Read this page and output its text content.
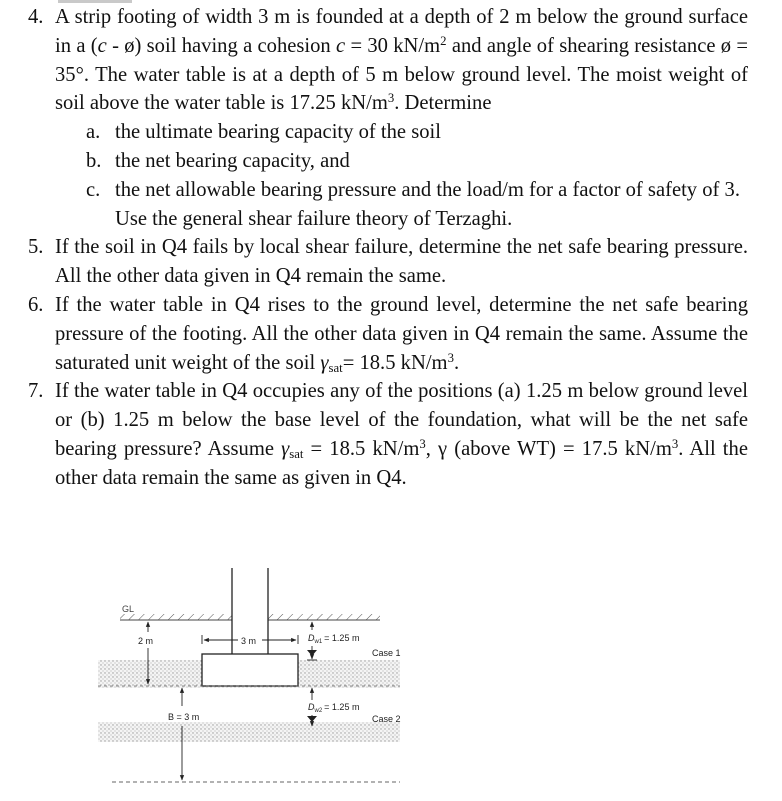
4. A strip footing of width 3 m is founded at a depth of 2 m below the ground surface in a (c - ø) soil having a cohesion c = 30 $kN/m^2$ and angle of shearing resistance ø = 35°. The water table is at a depth of 5 m below ground level. The moist weight of soil above the water table is 17.25 $kN/m^3$. Determine
a. the ultimate bearing capacity of the soil
b. the net bearing capacity, and
c. the net allowable bearing pressure and the load/m for a factor of safety of 3.
Use the general shear failure theory of Terzaghi.
5. If the soil in Q4 fails by local shear failure, determine the net safe bearing pressure. All the other data given in Q4 remain the same.
6. If the water table in Q4 rises to the ground level, determine the net safe bearing pressure of the footing. All the other data given in Q4 remain the same. Assume the saturated unit weight of the soil $\gamma_{sat}= 18.5$ $kN/m^3$.
7. If the water table in Q4 occupies any of the positions (a) 1.25 m below ground level or (b) 1.25 m below the base level of the foundation, what will be the net safe bearing pressure? Assume $\gamma_{sat} = 18.5$ $kN/m^3$, γ (above WT) = 17.5 $kN/m^3$. All the other data remain the same as given in Q4.
GL
2 m	3 m	$D_{w1} = 1.25$ m
Case 1
$D_{w2} = 1.25$ m
Case 2
B = 3 m
